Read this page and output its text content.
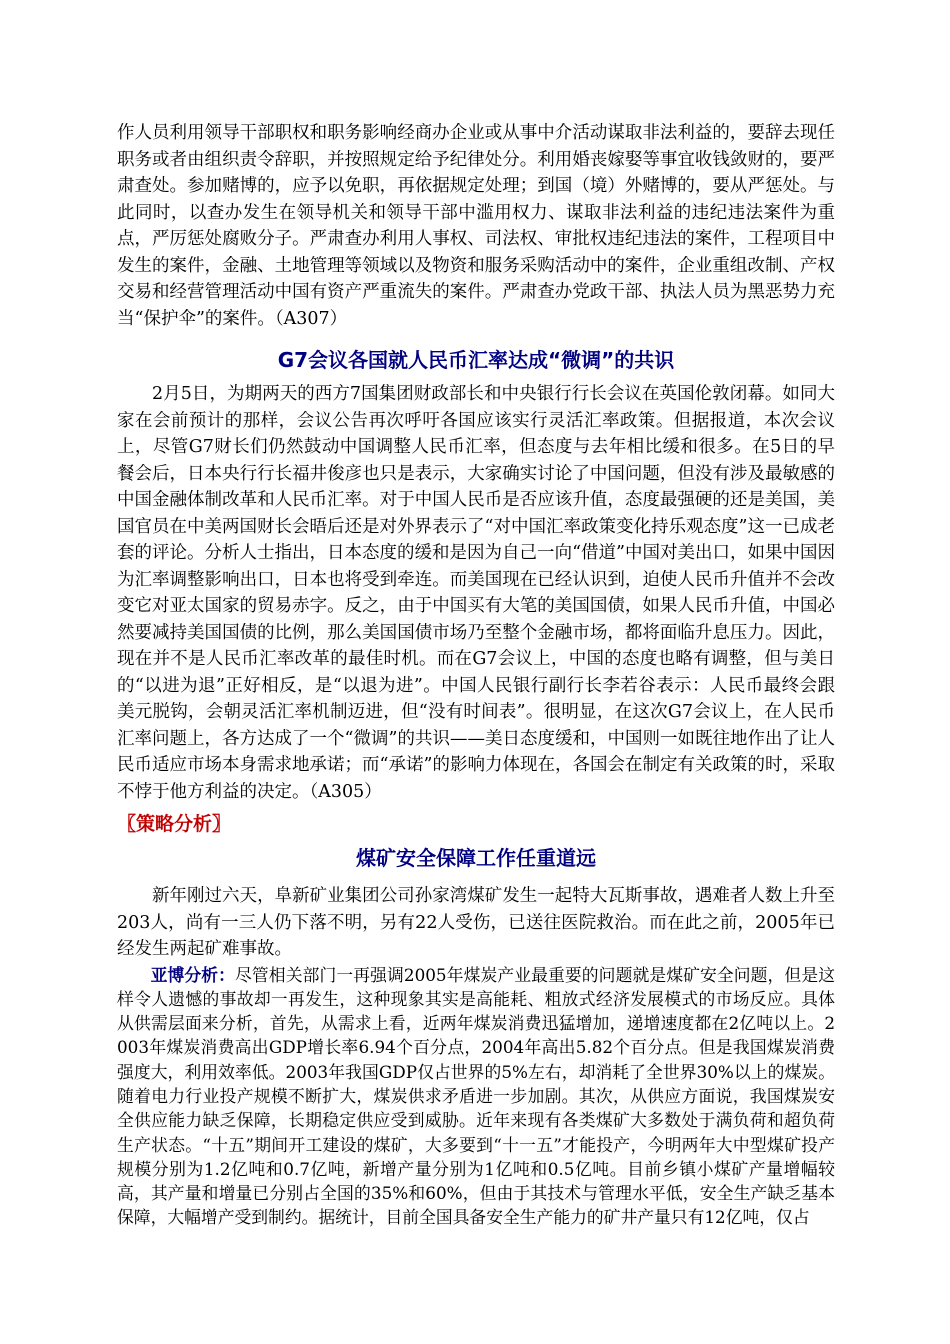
作人员利用领导干部职权和职务影响经商办企业或从事中介活动谋取非法利益的，要辞去现任职务或者由组织责令辞职，并按照规定给予纪律处分。利用婚丧嫁娶等事宜收钱敛财的，要严肃查处。参加赌博的，应予以免职，再依据规定处理；到国（境）外赌博的，要从严惩处。与此同时，以查办发生在领导机关和领导干部中滥用权力、谋取非法利益的违纪违法案件为重点，严厉惩处腐败分子。严肃查办利用人事权、司法权、审批权违纪违法的案件，工程项目中发生的案件，金融、土地管理等领域以及物资和服务采购活动中的案件，企业重组改制、产权交易和经营管理活动中国有资产严重流失的案件。严肃查办党政干部、执法人员为黑恶势力充当“保护伞”的案件。（A307）

G7会议各国就人民币汇率达成“微调”的共识

2月5日，为期两天的西方7国集团财政部长和中央银行行长会议在英国伦敦闭幕。如同大家在会前预计的那样，会议公告再次呼吁各国应该实行灵活汇率政策。但据报道，本次会议上，尽管G7财长们仍然鼓动中国调整人民币汇率，但态度与去年相比缓和很多。在5日的早餐会后，日本央行行长福井俊彦也只是表示，大家确实讨论了中国问题，但没有涉及最敏感的中国金融体制改革和人民币汇率。对于中国人民币是否应该升值，态度最强硬的还是美国，美国官员在中美两国财长会晤后还是对外界表示了“对中国汇率政策变化持乐观态度”这一已成老套的评论。分析人士指出，日本态度的缓和是因为自己一向“借道”中国对美出口，如果中国因为汇率调整影响出口，日本也将受到牵连。而美国现在已经认识到，迫使人民币升值并不会改变它对亚太国家的贸易赤字。反之，由于中国买有大笔的美国国债，如果人民币升值，中国必然要减持美国国债的比例，那么美国国债市场乃至整个金融市场，都将面临升息压力。因此，现在并不是人民币汇率改革的最佳时机。而在G7会议上，中国的态度也略有调整，但与美日的“以进为退”正好相反，是“以退为进”。中国人民银行副行长李若谷表示：人民币最终会跟美元脱钩，会朝灵活汇率机制迈进，但“没有时间表”。很明显，在这次G7会议上，在人民币汇率问题上，各方达成了一个“微调”的共识——美日态度缓和，中国则一如既往地作出了让人民币适应市场本身需求地承诺；而“承诺”的影响力体现在，各国会在制定有关政策的时，采取不悖于他方利益的决定。（A305）

〖策略分析〗
煤矿安全保障工作任重道远

新年刚过六天，阜新矿业集团公司孙家湾煤矿发生一起特大瓦斯事故，遇难者人数上升至203人，尚有一三人仍下落不明，另有22人受伤，已送往医院救治。而在此之前，2005年已经发生两起矿难事故。

亚博分析：尽管相关部门一再强调2005年煤炭产业最重要的问题就是煤矿安全问题，但是这样令人遗憾的事故却一再发生，这种现象其实是高能耗、粗放式经济发展模式的市场反应。具体从供需层面来分析，首先，从需求上看，近两年煤炭消费迅猛增加，递增速度都在2亿吨以上。2003年煤炭消费高出GDP增长率6.94个百分点，2004年高出5.82个百分点。但是我国煤炭消费强度大，利用效率低。2003年我国GDP仅占世界的5%左右，却消耗了全世界30%以上的煤炭。随着电力行业投产规模不断扩大，煤炭供求矛盾进一步加剧。其次，从供应方面说，我国煤炭安全供应能力缺乏保障，长期稳定供应受到威胁。近年来现有各类煤矿大多数处于满负荷和超负荷生产状态。“十五”期间开工建设的煤矿，大多要到“十一五”才能投产，今明两年大中型煤矿投产规模分别为1.2亿吨和0.7亿吨，新增产量分别为1亿吨和0.5亿吨。目前乡镇小煤矿产量增幅较高，其产量和增量已分别占全国的35%和60%，但由于其技术与管理水平低，安全生产缺乏基本保障，大幅增产受到制约。据统计，目前全国具备安全生产能力的矿井产量只有12亿吨，仅占
